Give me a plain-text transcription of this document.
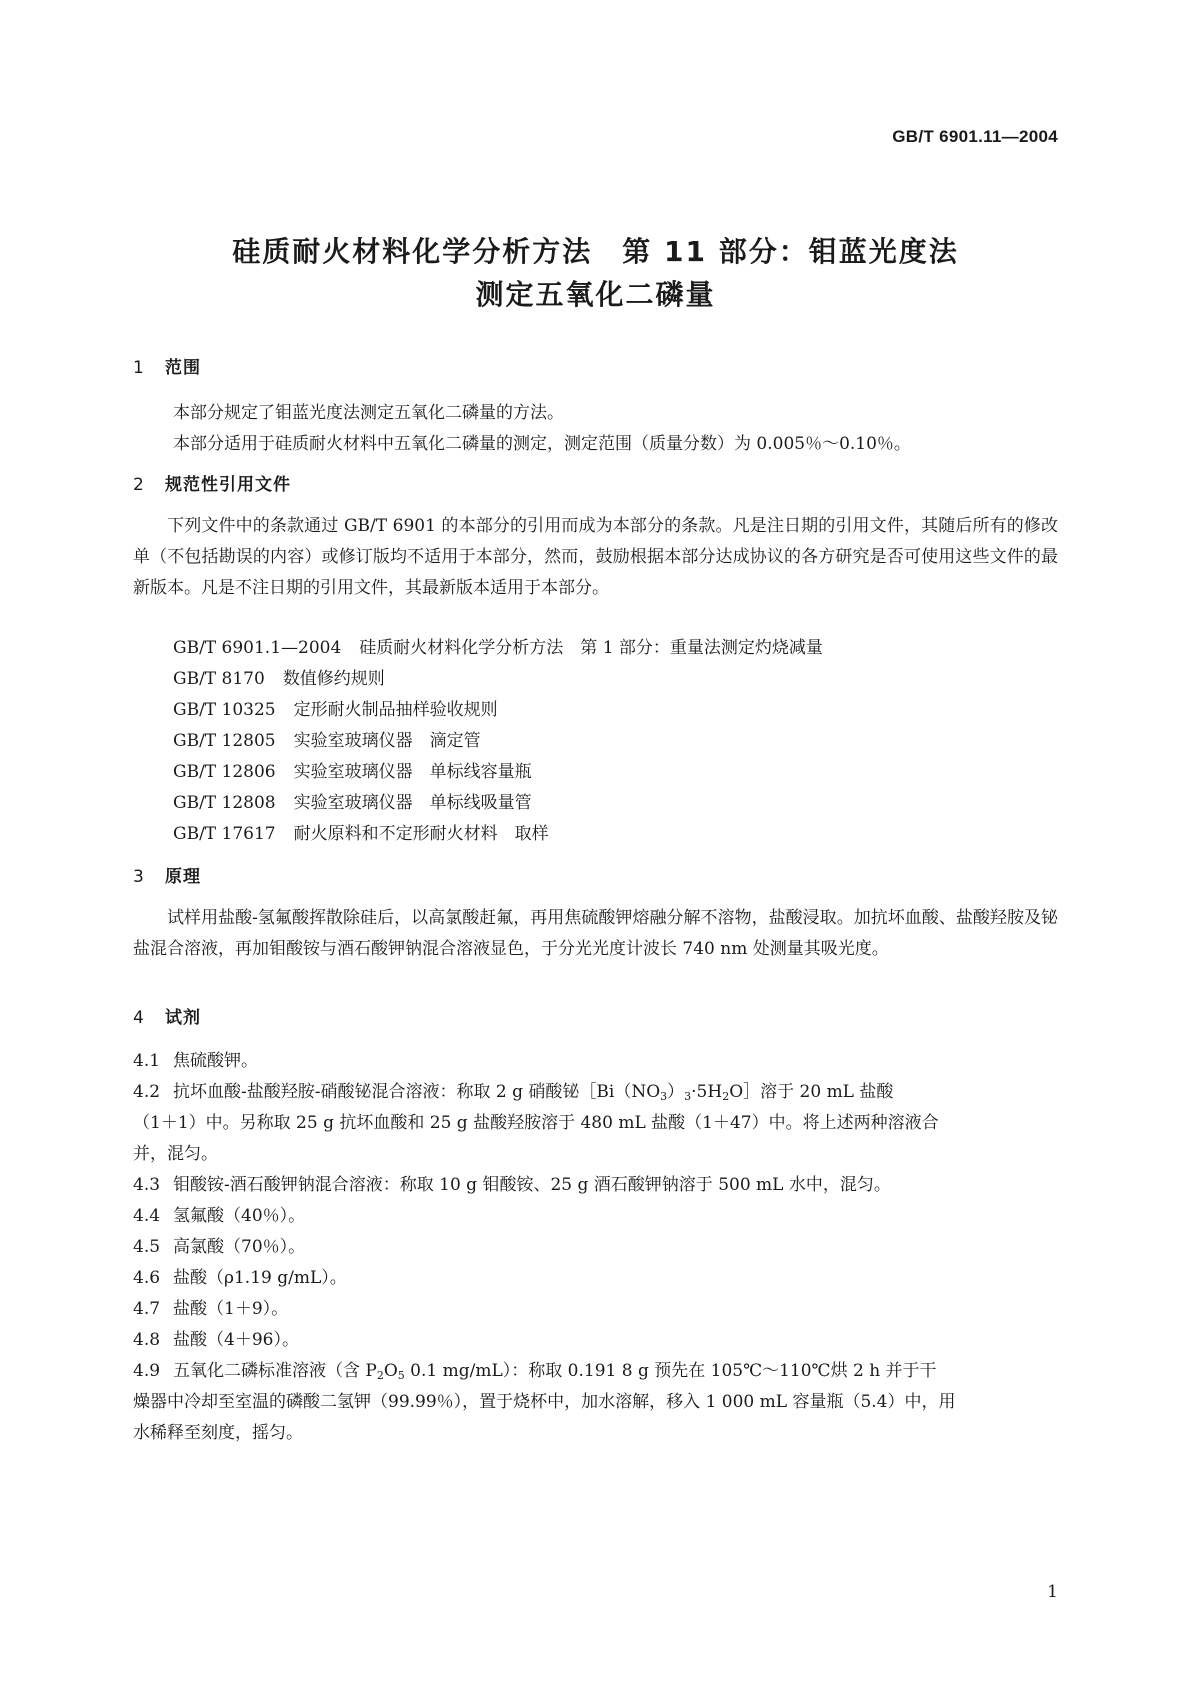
GB/T 6901.11—2004
硅质耐火材料化学分析方法　第 11 部分：钼蓝光度法
测定五氧化二磷量
1 范围
本部分规定了钼蓝光度法测定五氧化二磷量的方法。
本部分适用于硅质耐火材料中五氧化二磷量的测定，测定范围（质量分数）为 0.005％～0.10％。
2 规范性引用文件
下列文件中的条款通过 GB/T 6901 的本部分的引用而成为本部分的条款。凡是注日期的引用文件，其随后所有的修改单（不包括勘误的内容）或修订版均不适用于本部分，然而，鼓励根据本部分达成协议的各方研究是否可使用这些文件的最新版本。凡是不注日期的引用文件，其最新版本适用于本部分。
GB/T 6901.1—2004 硅质耐火材料化学分析方法　第 1 部分：重量法测定灼烧减量
GB/T 8170 数值修约规则
GB/T 10325 定形耐火制品抽样验收规则
GB/T 12805 实验室玻璃仪器　滴定管
GB/T 12806 实验室玻璃仪器　单标线容量瓶
GB/T 12808 实验室玻璃仪器　单标线吸量管
GB/T 17617 耐火原料和不定形耐火材料　取样
3 原理
试样用盐酸-氢氟酸挥散除硅后，以高氯酸赶氟，再用焦硫酸钾熔融分解不溶物，盐酸浸取。加抗坏血酸、盐酸羟胺及铋盐混合溶液，再加钼酸铵与酒石酸钾钠混合溶液显色，于分光光度计波长 740 nm 处测量其吸光度。
4 试剂
4.1 焦硫酸钾。
4.2 抗坏血酸-盐酸羟胺-硝酸铋混合溶液：称取 2 g 硝酸铋$[Bi(NO_3)_3\cdot 5H_2O]$溶于 20 mL 盐酸
（1＋1）中。另称取 25 g 抗坏血酸和 25 g 盐酸羟胺溶于 480 mL 盐酸（1＋47）中。将上述两种溶液合
并，混匀。
4.3 钼酸铵-酒石酸钾钠混合溶液：称取 10 g 钼酸铵、25 g 酒石酸钾钠溶于 500 mL 水中，混匀。
4.4 氢氟酸（40％）。
4.5 高氯酸（70％）。
4.6 盐酸（ρ1.19 g/mL）。
4.7 盐酸（1＋9）。
4.8 盐酸（4＋96）。
4.9 五氧化二磷标准溶液（含 $P_2O_5$ 0.1 mg/mL）：称取 0.191 8 g 预先在 105℃～110℃烘 2 h 并于干
燥器中冷却至室温的磷酸二氢钾（99.99％），置于烧杯中，加水溶解，移入 1 000 mL 容量瓶（5.4）中，用
水稀释至刻度，摇匀。
1
